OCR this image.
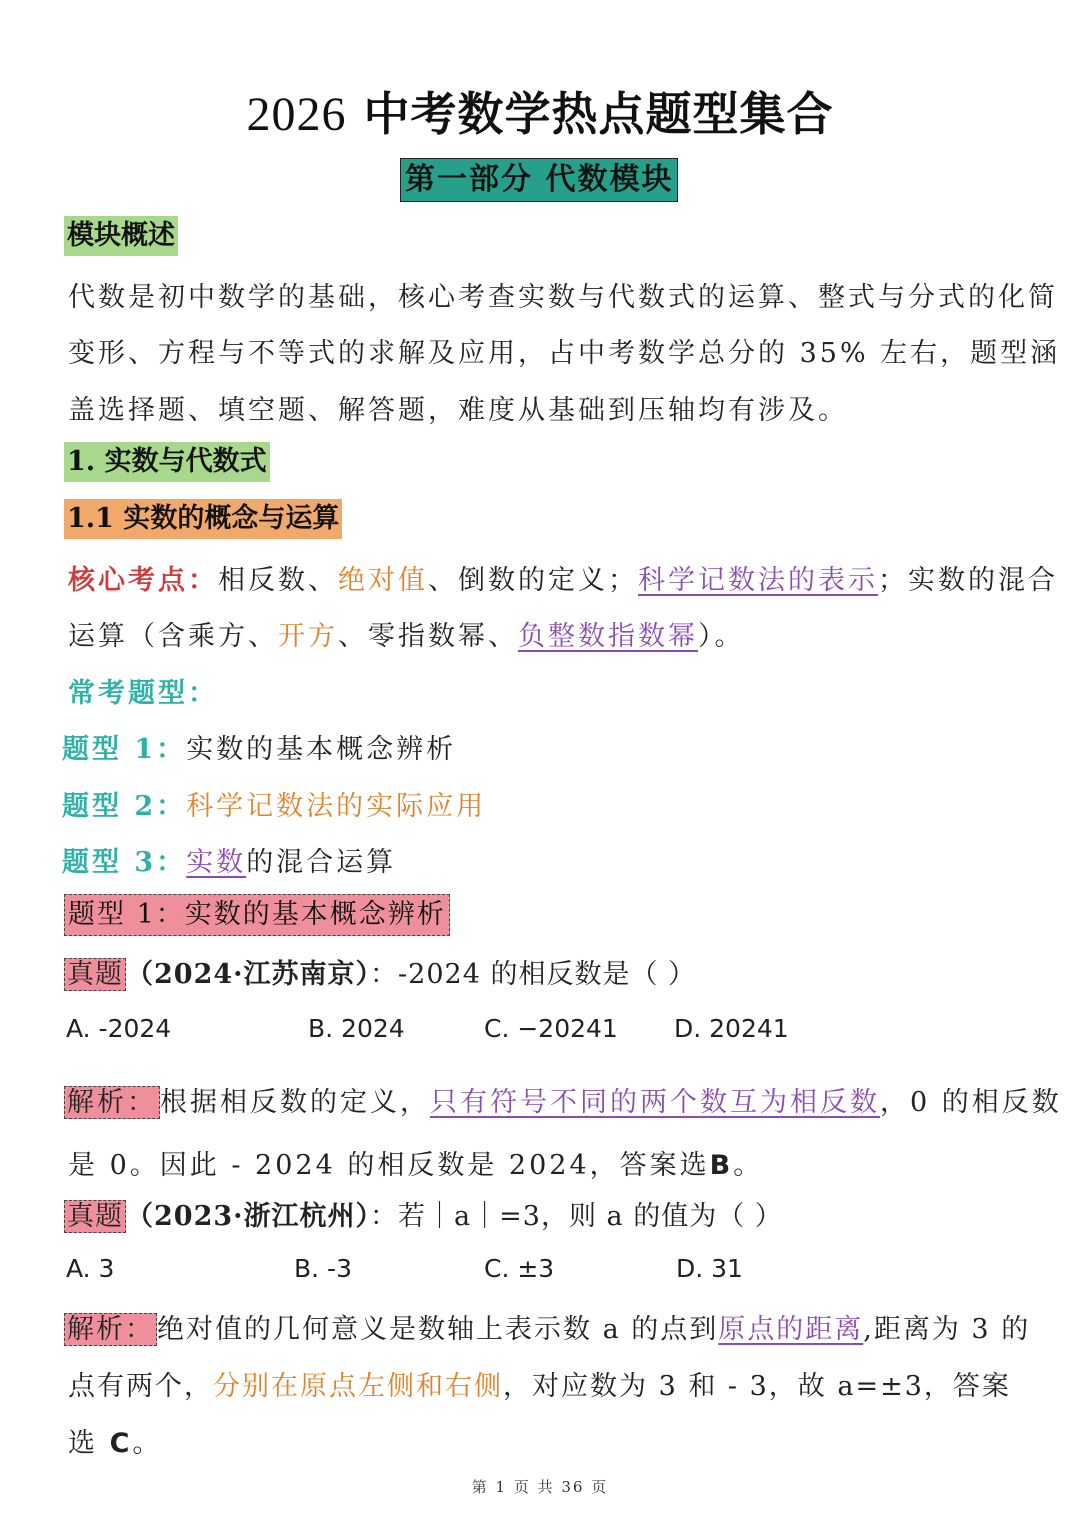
2026 中考数学热点题型集合
第一部分 代数模块
模块概述
代数是初中数学的基础，核心考查实数与代数式的运算、整式与分式的化简
变形、方程与不等式的求解及应用，占中考数学总分的 35% 左右，题型涵
盖选择题、填空题、解答题，难度从基础到压轴均有涉及。
1. 实数与代数式
1.1 实数的概念与运算
核心考点：相反数、绝对值、倒数的定义；科学记数法的表示；实数的混合
运算（含乘方、开方、零指数幂、负整数指数幂）。
常考题型：
题型 1：实数的基本概念辨析
题型 2：科学记数法的实际应用
题型 3：实数的混合运算
题型 1：实数的基本概念辨析
真题 （2024·江苏南京）：-2024 的相反数是（ ）
A. -2024	B. 2024	C. −20241 D. 20241
解析： 根据相反数的定义，只有符号不同的两个数互为相反数，0 的相反数
是 0。因此 - 2024 的相反数是 2024，答案选B。
真题 （2023·浙江杭州）：若｜a｜=3，则 a 的值为（ ）
A. 3	B. -3	C. ±3	D. 31
解析： 绝对值的几何意义是数轴上表示数 a 的点到原点的距离,距离为 3 的
点有两个，分别在原点左侧和右侧，对应数为 3 和 - 3，故 a=±3，答案
选 C。
第 1 页 共 36 页
